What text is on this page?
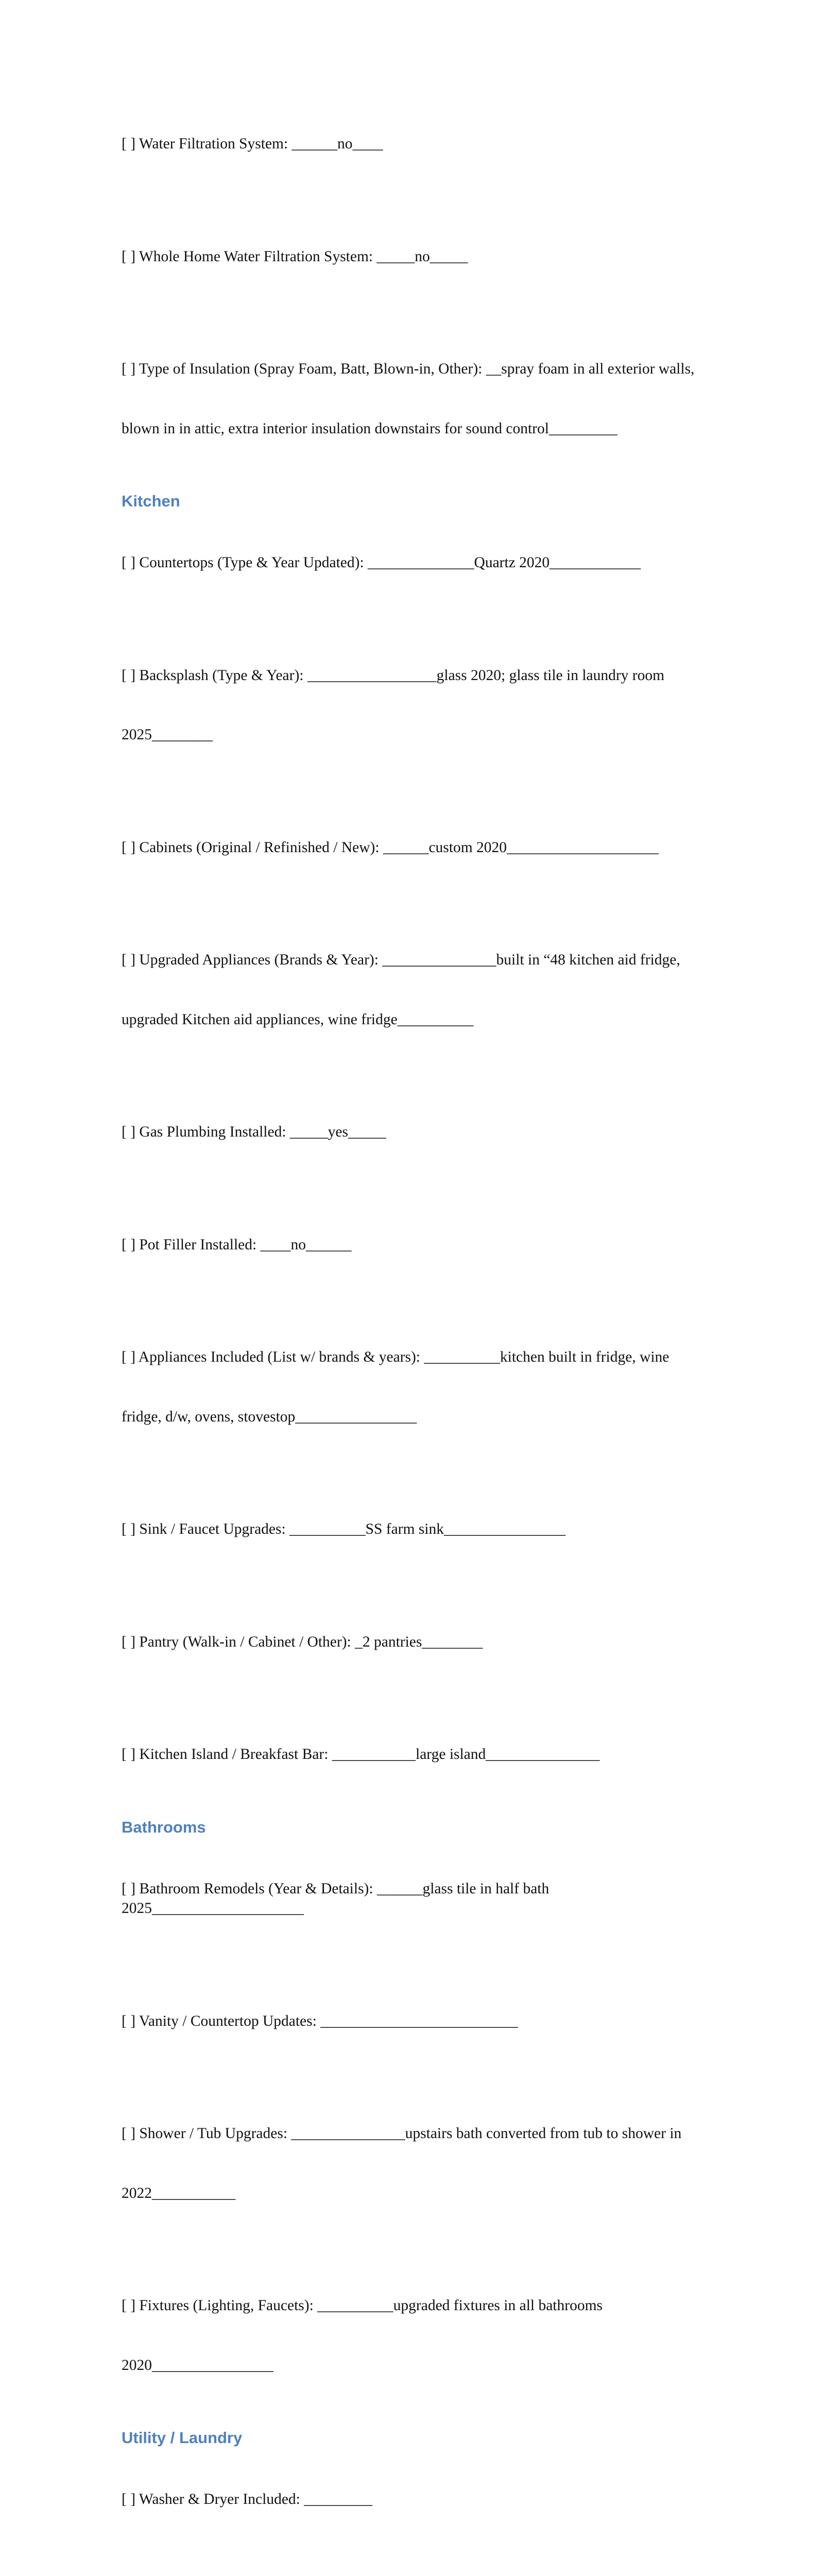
[ ] Water Filtration System: ______no____

[ ] Whole Home Water Filtration System: _____no_____

[ ] Type of Insulation (Spray Foam, Batt, Blown-in, Other): __spray foam in all exterior walls,

blown in in attic, extra interior insulation downstairs for sound control_________

Kitchen

[ ] Countertops (Type & Year Updated): ______________Quartz 2020____________

[ ] Backsplash (Type & Year): _________________glass 2020; glass tile in laundry room

2025________

[ ] Cabinets (Original / Refinished / New): ______custom 2020____________________

[ ] Upgraded Appliances (Brands & Year): _______________built in “48 kitchen aid fridge,

upgraded Kitchen aid appliances, wine fridge__________

[ ] Gas Plumbing Installed: _____yes_____

[ ] Pot Filler Installed: ____no______

[ ] Appliances Included (List w/ brands & years): __________kitchen built in fridge, wine

fridge, d/w, ovens, stovestop________________

[ ] Sink / Faucet Upgrades: __________SS farm sink________________

[ ] Pantry (Walk-in / Cabinet / Other): _2 pantries________

[ ] Kitchen Island / Breakfast Bar: ___________large island_______________

Bathrooms

[ ] Bathroom Remodels (Year & Details): ______glass tile in half bath 2025____________________

[ ] Vanity / Countertop Updates: __________________________

[ ] Shower / Tub Upgrades: _______________upstairs bath converted from tub to shower in

2022___________

[ ] Fixtures (Lighting, Faucets): __________upgraded fixtures in all bathrooms

2020________________

Utility / Laundry

[ ] Washer & Dryer Included: _________
